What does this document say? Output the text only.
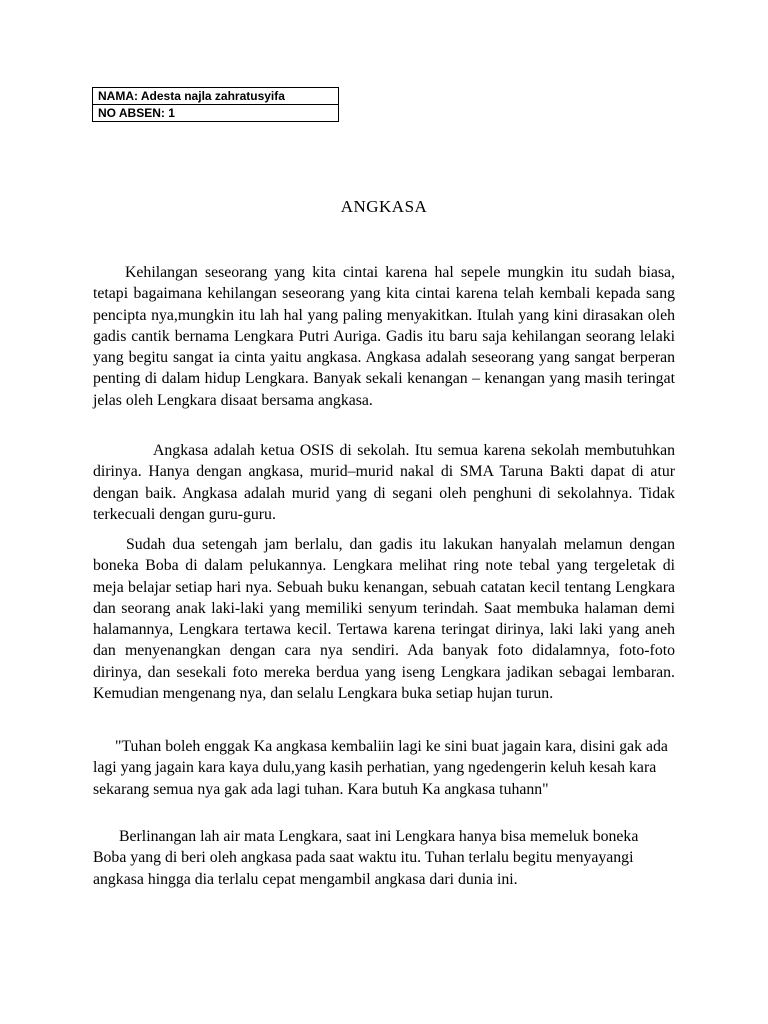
NAMA: Adesta najla zahratusyifa
NO ABSEN: 1
ANGKASA

Kehilangan seseorang yang kita cintai karena hal sepele mungkin itu sudah biasa, tetapi bagaimana kehilangan seseorang yang kita cintai karena telah kembali kepada sang pencipta nya,mungkin itu lah hal yang paling menyakitkan. Itulah yang kini dirasakan oleh gadis cantik bernama Lengkara Putri Auriga. Gadis itu baru saja kehilangan seorang lelaki yang begitu sangat ia cinta yaitu angkasa. Angkasa adalah seseorang yang sangat berperan penting di dalam hidup Lengkara. Banyak sekali kenangan – kenangan yang masih teringat jelas oleh Lengkara disaat bersama angkasa.

Angkasa adalah ketua OSIS di sekolah. Itu semua karena sekolah membutuhkan dirinya. Hanya dengan angkasa, murid–murid nakal di SMA Taruna Bakti dapat di atur dengan baik. Angkasa adalah murid yang di segani oleh penghuni di sekolahnya. Tidak terkecuali dengan guru-guru.

Sudah dua setengah jam berlalu, dan gadis itu lakukan hanyalah melamun dengan boneka Boba di dalam pelukannya. Lengkara melihat ring note tebal yang tergeletak di meja belajar setiap hari nya. Sebuah buku kenangan, sebuah catatan kecil tentang Lengkara dan seorang anak laki-laki yang memiliki senyum terindah. Saat membuka halaman demi halamannya, Lengkara tertawa kecil. Tertawa karena teringat dirinya, laki laki yang aneh dan menyenangkan dengan cara nya sendiri. Ada banyak foto didalamnya, foto-foto dirinya, dan sesekali foto mereka berdua yang iseng Lengkara jadikan sebagai lembaran. Kemudian mengenang nya, dan selalu Lengkara buka setiap hujan turun.

"Tuhan boleh enggak Ka angkasa kembaliin lagi ke sini buat jagain kara, disini gak ada lagi yang jagain kara kaya dulu,yang kasih perhatian, yang ngedengerin keluh kesah kara sekarang semua nya gak ada lagi tuhan. Kara butuh Ka angkasa tuhann"

Berlinangan lah air mata Lengkara, saat ini Lengkara hanya bisa memeluk boneka Boba yang di beri oleh angkasa pada saat waktu itu. Tuhan terlalu begitu menyayangi angkasa hingga dia terlalu cepat mengambil angkasa dari dunia ini.
